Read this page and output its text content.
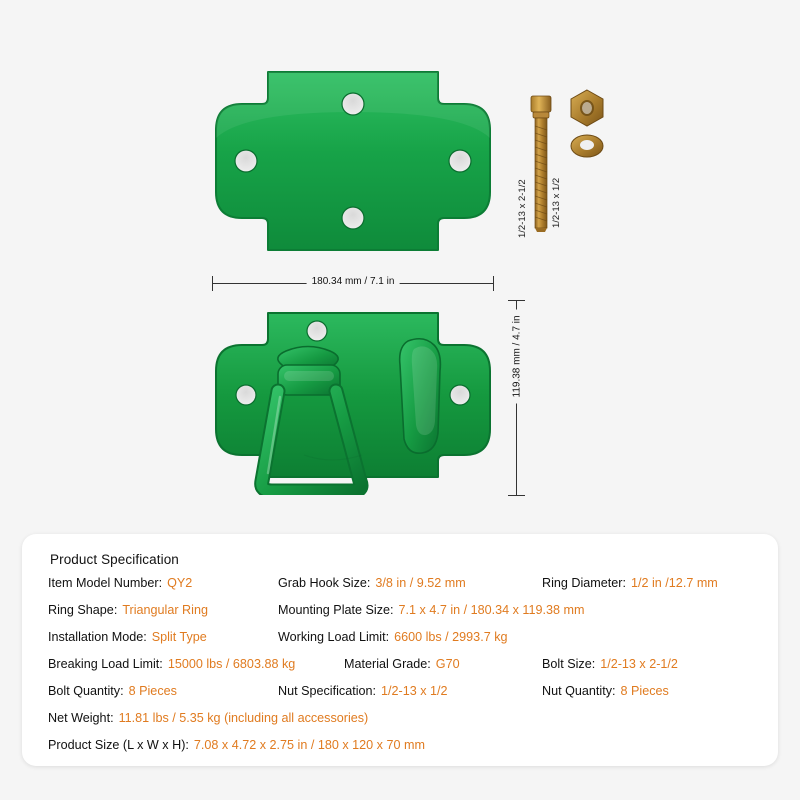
1/2-13 x 2-1/2 1/2-13 x 1/2
180.34 mm / 7.1 in
119.38 mm / 4.7 in
Product Specification
Item Model Number: QY2	Grab Hook Size: 3/8 in / 9.52 mm	Ring Diameter: 1/2 in /12.7 mm
Ring Shape: Triangular Ring	Mounting Plate Size: 7.1 x 4.7 in / 180.34 x 119.38 mm
Installation Mode: Split Type	Working Load Limit: 6600 lbs / 2993.7 kg
Breaking Load Limit: 15000 lbs / 6803.88 kg	Material Grade: G70	Bolt Size: 1/2-13 x 2-1/2
Bolt Quantity: 8 Pieces	Nut Specification: 1/2-13 x 1/2	Nut Quantity: 8 Pieces
Net Weight: 11.81 lbs / 5.35 kg (including all accessories)
Product Size (L x W x H): 7.08 x 4.72 x 2.75 in / 180 x 120 x 70 mm
